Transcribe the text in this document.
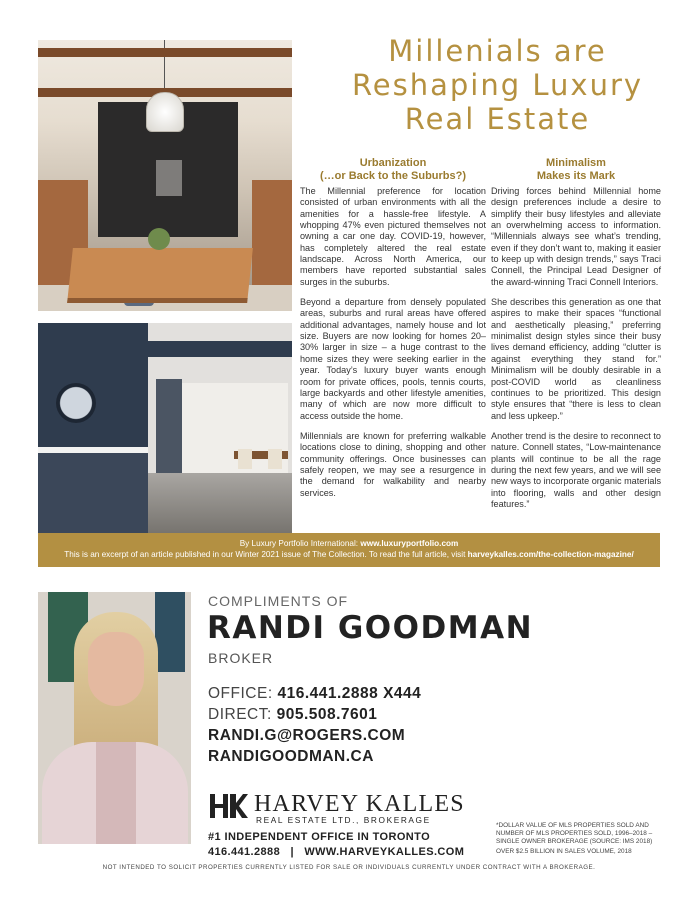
Millenials are
Reshaping Luxury
Real Estate
Urbanization
(…or Back to the Suburbs?)

The Millennial preference for location consisted of urban environments with all the amenities for a hassle-free lifestyle. A whopping 47% even pictured themselves not owning a car one day. COVID-19, however, has completely altered the real estate landscape. Across North America, our members have reported substantial sales surges in the suburbs.

Beyond a departure from densely populated areas, suburbs and rural areas have offered additional advantages, namely house and lot size. Buyers are now looking for homes 20–30% larger in size – a huge contrast to the home sizes they were seeking earlier in the year. Today’s luxury buyer wants enough room for private offices, pools, tennis courts, large backyards and other lifestyle amenities, many of which are now more difficult to access outside the home.

Millennials are known for preferring walkable locations close to dining, shopping and other community offerings. Once businesses can safely reopen, we may see a resurgence in the demand for walkability and nearby services.

Minimalism
Makes its Mark

Driving forces behind Millennial home design preferences include a desire to simplify their busy lifestyles and alleviate an overwhelming access to information. “Millennials always see what’s trending, even if they don’t want to, making it easier to keep up with design trends,” says Traci Connell, the Principal Lead Designer of the award-winning Traci Connell Interiors.

She describes this generation as one that aspires to make their spaces “functional and aesthetically pleasing,” preferring minimalist design styles since their busy lives demand efficiency, adding “clutter is against everything they stand for.” Minimalism will be doubly desirable in a post-COVID world as cleanliness continues to be prioritized. This design style ensures that “there is less to clean and less upkeep.”

Another trend is the desire to reconnect to nature. Connell states, “Low-maintenance plants will continue to be all the rage during the next few years, and we will see new ways to incorporate organic materials into flooring, walls and other design features.”

By Luxury Portfolio International: www.luxuryportfolio.com
This is an excerpt of an article published in our Winter 2021 issue of The Collection. To read the full article, visit harveykalles.com/the-collection-magazine/
COMPLIMENTS OF
RANDI GOODMAN
BROKER
OFFICE: 416.441.2888 X444
DIRECT: 905.508.7601
RANDI.G@ROGERS.COM
RANDIGOODMAN.CA
HARVEY KALLES
REAL ESTATE LTD., BROKERAGE
#1 INDEPENDENT OFFICE IN TORONTO
416.441.2888 | WWW.HARVEYKALLES.COM
*DOLLAR VALUE OF MLS PROPERTIES SOLD AND NUMBER OF MLS PROPERTIES SOLD, 1996–2018 – SINGLE OWNER BROKERAGE (SOURCE: IMS 2018)
OVER $2.5 BILLION IN SALES VOLUME, 2018
NOT INTENDED TO SOLICIT PROPERTIES CURRENTLY LISTED FOR SALE OR INDIVIDUALS CURRENTLY UNDER CONTRACT WITH A BROKERAGE.
